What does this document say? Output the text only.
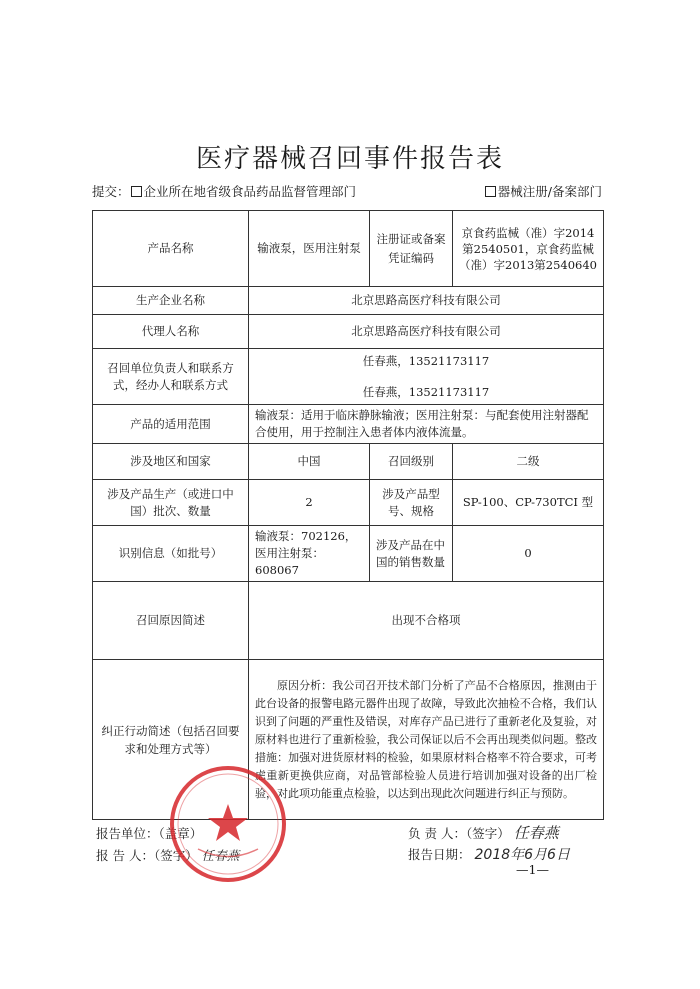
医疗器械召回事件报告表
提交： 企业所在地省级食品药品监督管理部门	器械注册/备案部门
产品名称	输液泵，医用注射泵	注册证或备案凭证编码	京食药监械（准）字2014第2540501，京食药监械（准）字2013第2540640
生产企业名称	北京思路高医疗科技有限公司		
代理人名称	北京思路高医疗科技有限公司		
召回单位负责人和联系方式，经办人和联系方式	任春燕，13521173117
任春燕，13521173117		

产品的适用范围	输液泵：适用于临床静脉输液；医用注射泵：与配套使用注射器配合使用，用于控制注入患者体内液体流量。		
涉及地区和国家	中国	召回级别	二级
涉及产品生产（或进口中国）批次、数量	2	涉及产品型号、规格	SP-100、CP-730TCI 型
识别信息（如批号）	输液泵：702126，医用注射泵：608067	涉及产品在中国的销售数量	0
召回原因简述	出现不合格项		
纠正行动简述（包括召回要求和处理方式等）	原因分析：我公司召开技术部门分析了产品不合格原因，推测由于此台设备的报警电路元器件出现了故障，导致此次抽检不合格，我们认识到了问题的严重性及错误，对库存产品已进行了重新老化及复验，对原材料也进行了重新检验，我公司保证以后不会再出现类似问题。整改措施：加强对进货原材料的检验，如果原材料合格率不符合要求，可考虑重新更换供应商，对品管部检验人员进行培训加强对设备的出厂检验，对此项功能重点检验，以达到出现此次问题进行纠正与预防。		
报告单位：（盖章）
报 告 人：（签字） 任春燕
负 责 人：（签字） 任春燕
报告日期： 2018年6月6日
—1—
